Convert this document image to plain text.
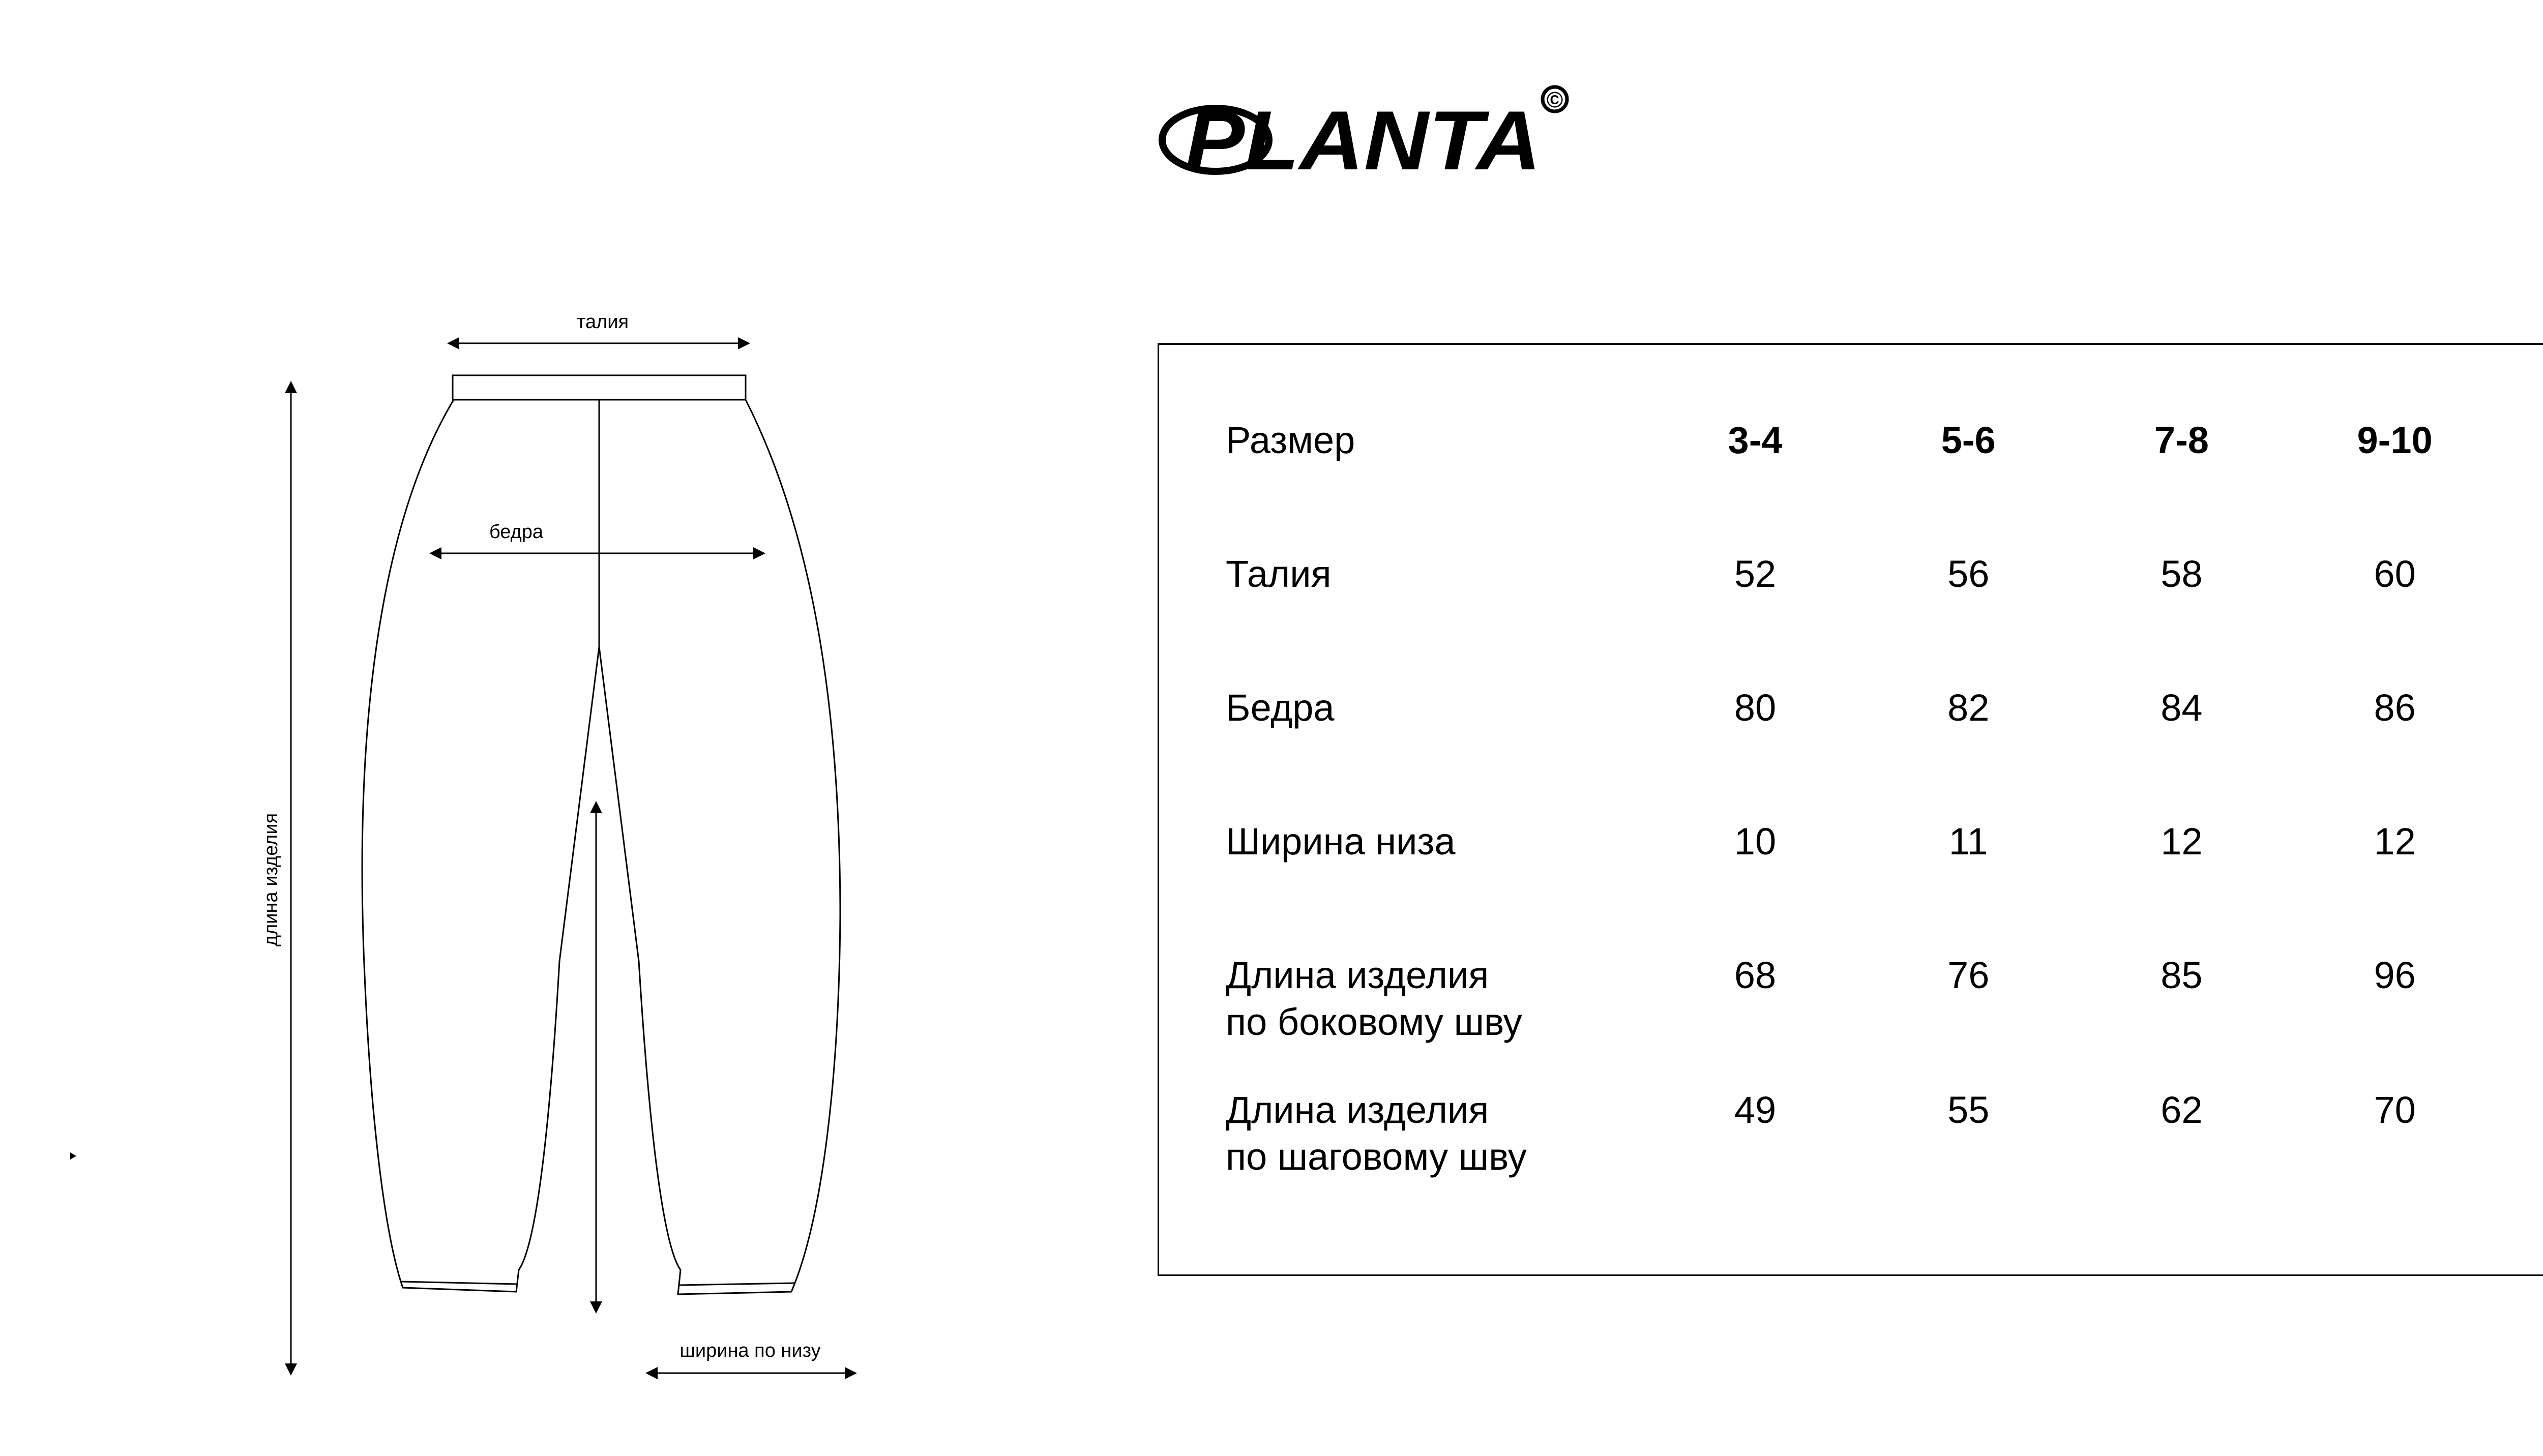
PLANTA ©
талия
бедра
длина изделия
ширина по низу
Размер	3-4	5-6	7-8	9-10		
Талия	52	56	58	60		
Бедра	80	82	84	86		
Ширина низа	10	11	12	12		

Длина изделия
по боковому шву	68	76	85	96		

Длина изделия
по шаговому шву	49	55	62	70		
